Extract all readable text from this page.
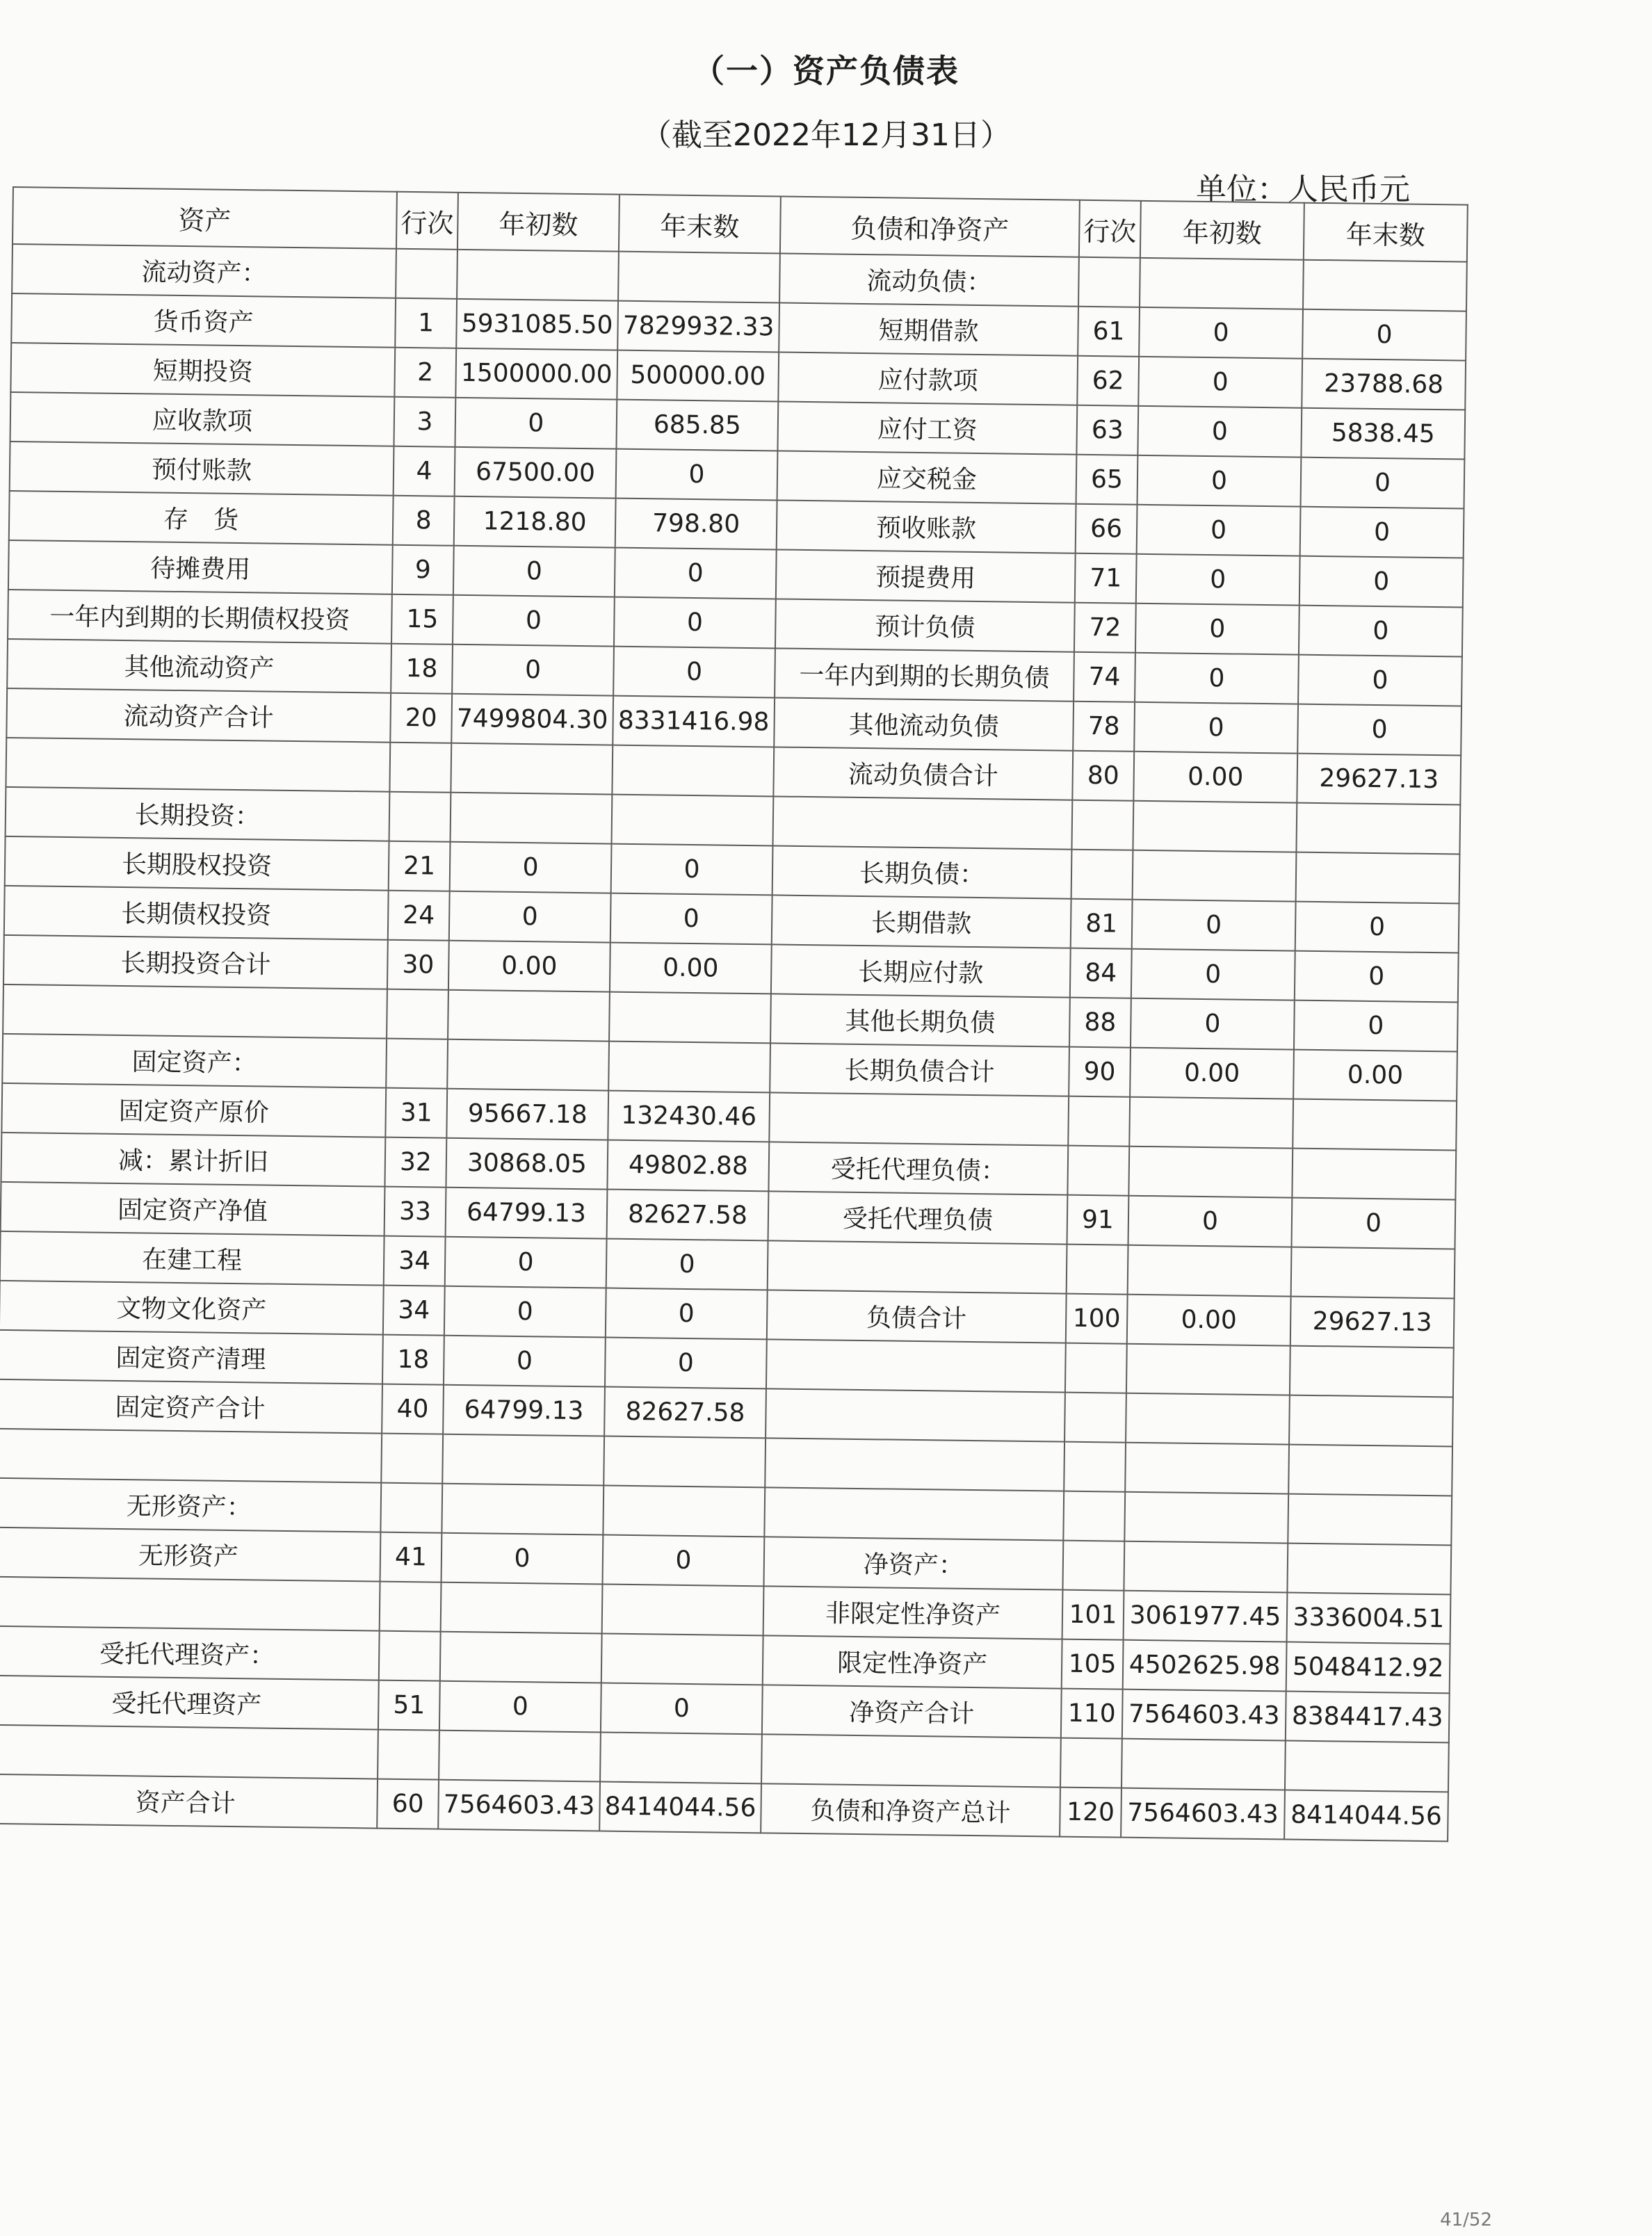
（一）资产负债表
（截至2022年12月31日）
单位：人民币元
资产	行次	年初数	年末数	负债和净资产	行次	年初数	年末数
流动资产：				流动负债：			
货币资产	1	5931085.50	7829932.33	短期借款	61	0	0
短期投资	2	1500000.00	500000.00	应付款项	62	0	23788.68
应收款项	3	0	685.85	应付工资	63	0	5838.45
预付账款	4	67500.00	0	应交税金	65	0	0
存　货	8	1218.80	798.80	预收账款	66	0	0
待摊费用	9	0	0	预提费用	71	0	0
一年内到期的长期债权投资	15	0	0	预计负债	72	0	0
其他流动资产	18	0	0	一年内到期的长期负债	74	0	0
流动资产合计	20	7499804.30	8331416.98	其他流动负债	78	0	0
				流动负债合计	80	0.00	29627.13
长期投资：							
长期股权投资	21	0	0	长期负债：			
长期债权投资	24	0	0	长期借款	81	0	0
长期投资合计	30	0.00	0.00	长期应付款	84	0	0
				其他长期负债	88	0	0
固定资产：				长期负债合计	90	0.00	0.00
固定资产原价	31	95667.18	132430.46				
减：累计折旧	32	30868.05	49802.88	受托代理负债：			
固定资产净值	33	64799.13	82627.58	受托代理负债	91	0	0
在建工程	34	0	0				
文物文化资产	34	0	0	负债合计	100	0.00	29627.13
固定资产清理	18	0	0				
固定资产合计	40	64799.13	82627.58				

无形资产：							
无形资产	41	0	0	净资产：			
				非限定性净资产	101	3061977.45	3336004.51
受托代理资产：				限定性净资产	105	4502625.98	5048412.92
受托代理资产	51	0	0	净资产合计	110	7564603.43	8384417.43

资产合计	60	7564603.43	8414044.56	负债和净资产总计	120	7564603.43	8414044.56
41/52
